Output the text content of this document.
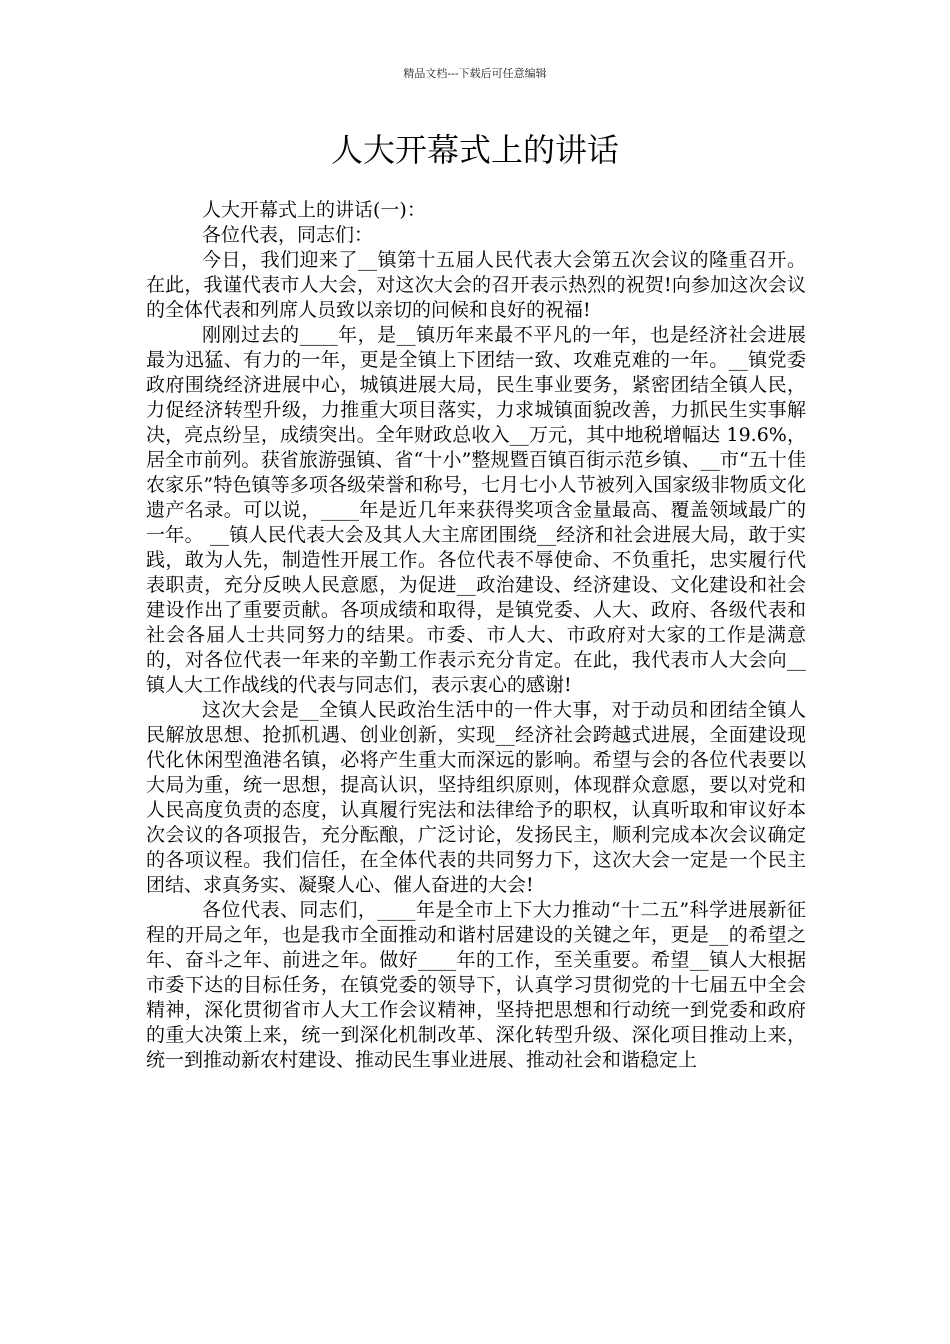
精品文档---下载后可任意编辑
人大开幕式上的讲话

人大开幕式上的讲话(一)：

各位代表，同志们：

今日，我们迎来了__镇第十五届人民代表大会第五次会议的隆重召开。在此，我谨代表市人大会，对这次大会的召开表示热烈的祝贺!向参加这次会议的全体代表和列席人员致以亲切的问候和良好的祝福!

刚刚过去的____年，是__镇历年来最不平凡的一年，也是经济社会进展最为迅猛、有力的一年，更是全镇上下团结一致、攻难克难的一年。__镇党委政府围绕经济进展中心，城镇进展大局，民生事业要务，紧密团结全镇人民，力促经济转型升级，力推重大项目落实，力求城镇面貌改善，力抓民生实事解决，亮点纷呈，成绩突出。全年财政总收入__万元，其中地税增幅达 19.6%，居全市前列。获省旅游强镇、省“十小”整规暨百镇百街示范乡镇、__市“五十佳农家乐”特色镇等多项各级荣誉和称号，七月七小人节被列入国家级非物质文化遗产名录。可以说，____年是近几年来获得奖项含金量最高、覆盖领域最广的一年。 __镇人民代表大会及其人大主席团围绕__经济和社会进展大局，敢于实践，敢为人先，制造性开展工作。各位代表不辱使命、不负重托，忠实履行代表职责，充分反映人民意愿，为促进__政治建设、经济建设、文化建设和社会建设作出了重要贡献。各项成绩和取得，是镇党委、人大、政府、各级代表和社会各届人士共同努力的结果。市委、市人大、市政府对大家的工作是满意的，对各位代表一年来的辛勤工作表示充分肯定。在此，我代表市人大会向__镇人大工作战线的代表与同志们，表示衷心的感谢!

这次大会是__全镇人民政治生活中的一件大事，对于动员和团结全镇人民解放思想、抢抓机遇、创业创新，实现__经济社会跨越式进展，全面建设现代化休闲型渔港名镇，必将产生重大而深远的影响。希望与会的各位代表要以大局为重，统一思想，提高认识，坚持组织原则，体现群众意愿，要以对党和人民高度负责的态度，认真履行宪法和法律给予的职权，认真听取和审议好本次会议的各项报告，充分酝酿，广泛讨论，发扬民主，顺利完成本次会议确定的各项议程。我们信任，在全体代表的共同努力下，这次大会一定是一个民主团结、求真务实、凝聚人心、催人奋进的大会!

各位代表、同志们，____年是全市上下大力推动“十二五”科学进展新征程的开局之年，也是我市全面推动和谐村居建设的关键之年，更是__的希望之年、奋斗之年、前进之年。做好____年的工作，至关重要。希望__镇人大根据市委下达的目标任务，在镇党委的领导下，认真学习贯彻党的十七届五中全会精神，深化贯彻省市人大工作会议精神，坚持把思想和行动统一到党委和政府的重大决策上来，统一到深化机制改革、深化转型升级、深化项目推动上来，统一到推动新农村建设、推动民生事业进展、推动社会和谐稳定上
